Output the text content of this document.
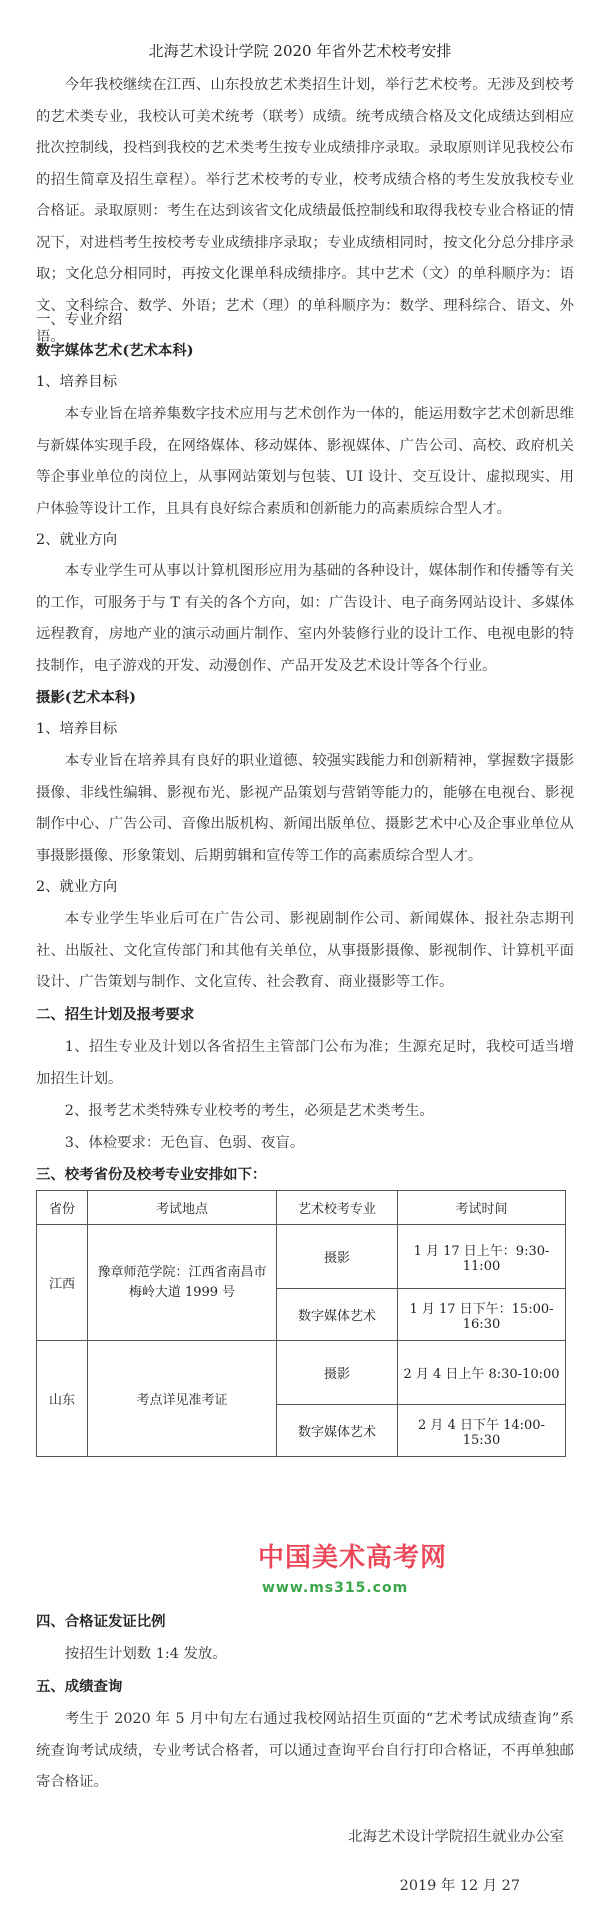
北海艺术设计学院 2020 年省外艺术校考安排

今年我校继续在江西、山东投放艺术类招生计划，举行艺术校考。无涉及到校考的艺术类专业，我校认可美术统考（联考）成绩。统考成绩合格及文化成绩达到相应批次控制线，投档到我校的艺术类考生按专业成绩排序录取。录取原则详见我校公布的招生简章及招生章程）。举行艺术校考的专业，校考成绩合格的考生发放我校专业合格证。录取原则：考生在达到该省文化成绩最低控制线和取得我校专业合格证的情况下，对进档考生按校考专业成绩排序录取；专业成绩相同时，按文化分总分排序录取；文化总分相同时，再按文化课单科成绩排序。其中艺术（文）的单科顺序为：语文、文科综合、数学、外语；艺术（理）的单科顺序为：数学、理科综合、语文、外语。

一、专业介绍

数字媒体艺术(艺术本科)

1、培养目标

本专业旨在培养集数字技术应用与艺术创作为一体的，能运用数字艺术创新思维与新媒体实现手段，在网络媒体、移动媒体、影视媒体、广告公司、高校、政府机关等企事业单位的岗位上，从事网站策划与包装、UI 设计、交互设计、虚拟现实、用户体验等设计工作，且具有良好综合素质和创新能力的高素质综合型人才。

2、就业方向

本专业学生可从事以计算机图形应用为基础的各种设计，媒体制作和传播等有关的工作，可服务于与 T 有关的各个方向，如：广告设计、电子商务网站设计、多媒体远程教育，房地产业的演示动画片制作、室内外装修行业的设计工作、电视电影的特技制作，电子游戏的开发、动漫创作、产品开发及艺术设计等各个行业。

摄影(艺术本科)

1、培养目标

本专业旨在培养具有良好的职业道德、较强实践能力和创新精神，掌握数字摄影摄像、非线性编辑、影视布光、影视产品策划与营销等能力的，能够在电视台、影视制作中心、广告公司、音像出版机构、新闻出版单位、摄影艺术中心及企事业单位从事摄影摄像、形象策划、后期剪辑和宣传等工作的高素质综合型人才。

2、就业方向

本专业学生毕业后可在广告公司、影视剧制作公司、新闻媒体、报社杂志期刊社、出版社、文化宣传部门和其他有关单位，从事摄影摄像、影视制作、计算机平面设计、广告策划与制作、文化宣传、社会教育、商业摄影等工作。

二、招生计划及报考要求

1、招生专业及计划以各省招生主管部门公布为准；生源充足时，我校可适当增加招生计划。

2、报考艺术类特殊专业校考的考生，必须是艺术类考生。

3、体检要求：无色盲、色弱、夜盲。

三、校考省份及校考专业安排如下：

省份	考试地点	艺术校考专业	考试时间
江西	豫章师范学院：江西省南昌市梅岭大道 1999 号	摄影	1 月 17 日上午：9:30-11:00
		数字媒体艺术	1 月 17 日下午：15:00-16:30
山东	考点详见准考证	摄影	2 月 4 日上午 8:30-10:00
		数字媒体艺术	2 月 4 日下午 14:00-15:30
中国美术高考网
www.ms315.com

四、合格证发证比例

按招生计划数 1:4 发放。

五、成绩查询

考生于 2020 年 5 月中旬左右通过我校网站招生页面的“艺术考试成绩查询”系统查询考试成绩，专业考试合格者，可以通过查询平台自行打印合格证，不再单独邮寄合格证。

北海艺术设计学院招生就业办公室

2019 年 12 月 27
